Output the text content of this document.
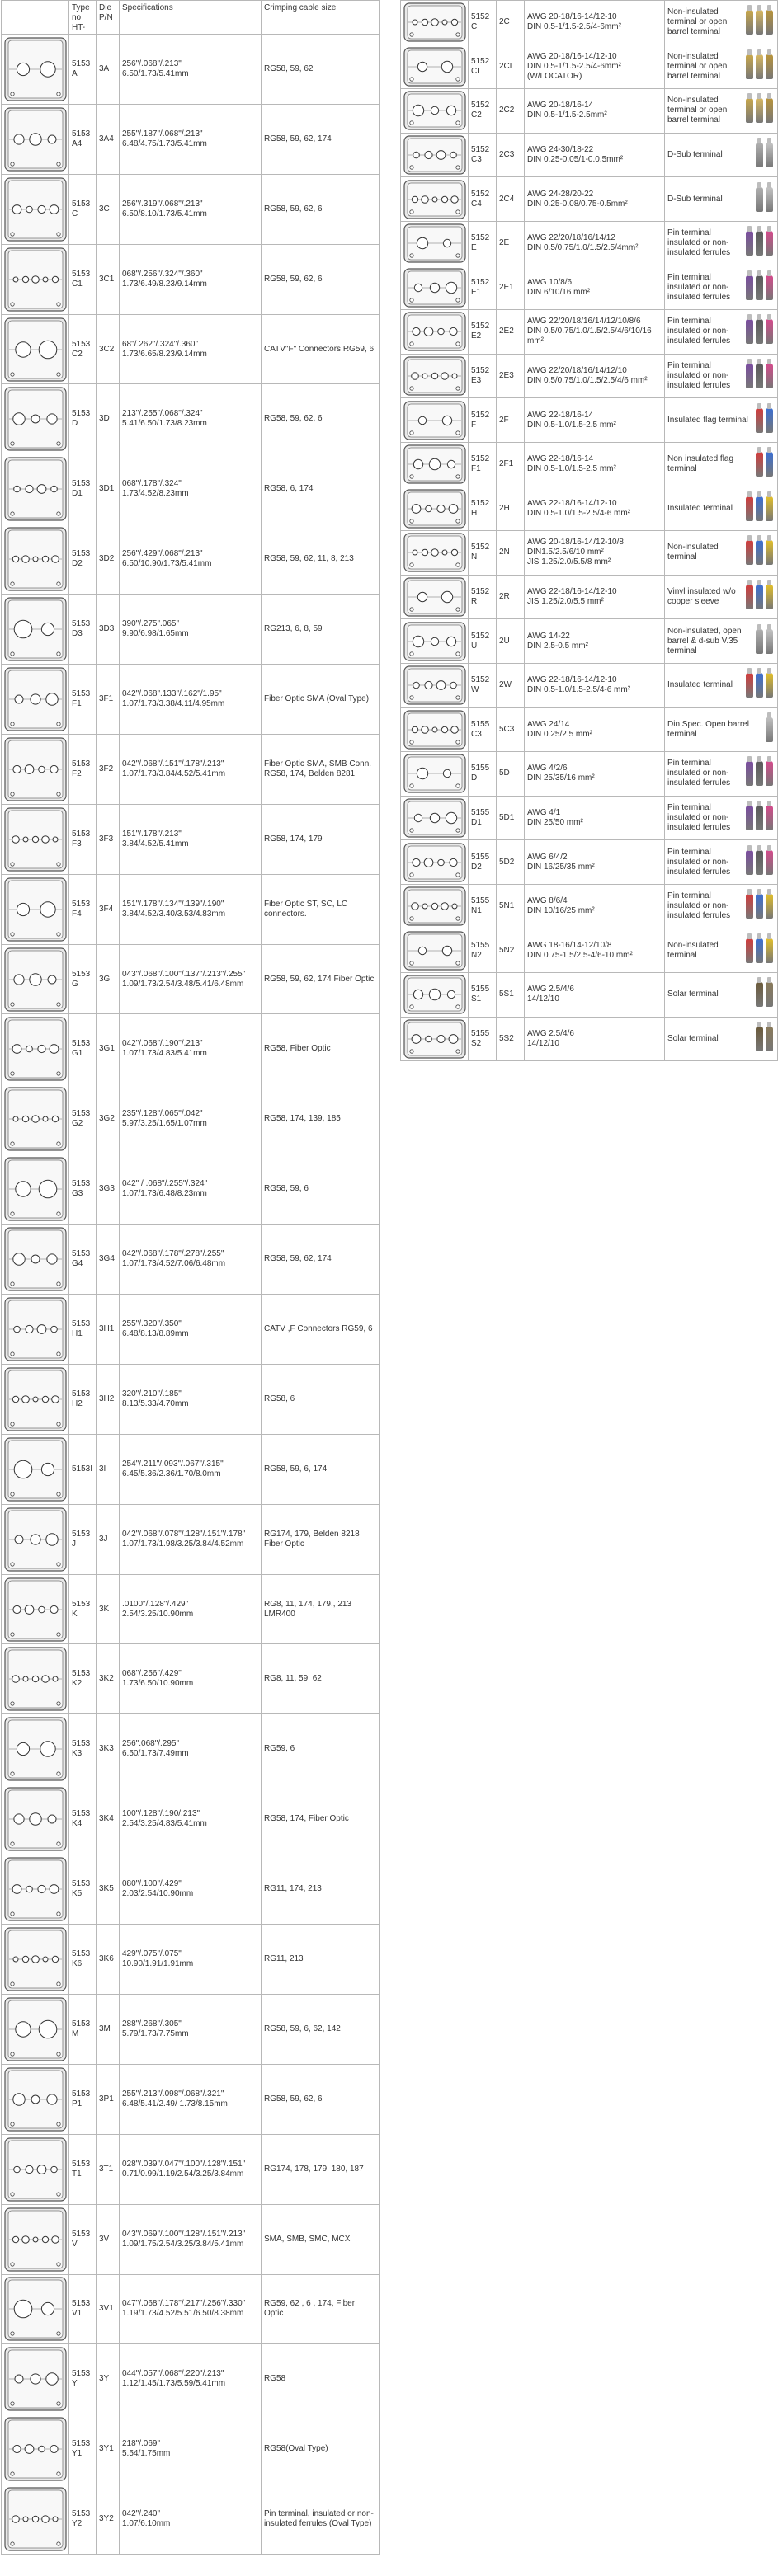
	Type no HT-	Die P/N	Specifications	Crimping cable size

	5153A	3A	256"/.068"/.213"
6.50/1.73/5.41mm	RG58, 59, 62

	5153A4	3A4	255"/.187"/.068"/.213"
6.48/4.75/1.73/5.41mm	RG58, 59, 62, 174

	5153C	3C	256"/.319"/.068"/.213"
6.50/8.10/1.73/5.41mm	RG58, 59, 62, 6

	5153C1	3C1	068"/.256"/.324"/.360"
1.73/6.49/8.23/9.14mm	RG58, 59, 62, 6

	5153C2	3C2	68"/.262"/.324"/.360"
1.73/6.65/8.23/9.14mm	CATV"F" Connectors RG59, 6

	5153D	3D	213"/.255"/.068"/.324"
5.41/6.50/1.73/8.23mm	RG58, 59, 62, 6

	5153D1	3D1	068"/.178"/.324"
1.73/4.52/8.23mm	RG58, 6, 174

	5153D2	3D2	256"/.429"/.068"/.213"
6.50/10.90/1.73/5.41mm	RG58, 59, 62, 11, 8, 213

	5153D3	3D3	390"/.275".065"
9.90/6.98/1.65mm	RG213, 6, 8, 59

	5153F1	3F1	042"/.068".133"/.162"/1.95"
1.07/1.73/3.38/4.11/4.95mm	Fiber Optic SMA (Oval Type)

	5153F2	3F2	042"/.068"/.151"/.178"/.213"
1.07/1.73/3.84/4.52/5.41mm	Fiber Optic SMA, SMB Conn. RG58, 174, Belden 8281

	5153F3	3F3	151"/.178"/.213"
3.84/4.52/5.41mm	RG58, 174, 179

	5153F4	3F4	151"/.178"/.134"/.139"/.190"
3.84/4.52/3.40/3.53/4.83mm	Fiber Optic ST, SC, LC connectors.

	5153G	3G	043"/.068"/.100"/.137"/.213"/.255"
1.09/1.73/2.54/3.48/5.41/6.48mm	RG58, 59, 62, 174 Fiber Optic

	5153G1	3G1	042"/.068"/.190"/.213"
1.07/1.73/4.83/5.41mm	RG58, Fiber Optic

	5153G2	3G2	235"/.128"/.065"/.042"
5.97/3.25/1.65/1.07mm	RG58, 174, 139, 185

	5153G3	3G3	042" / .068"/.255"/.324"
1.07/1.73/6.48/8.23mm	RG58, 59, 6

	5153G4	3G4	042"/.068"/.178"/.278"/.255"
1.07/1.73/4.52/7.06/6.48mm	RG58, 59, 62, 174

	5153H1	3H1	255"/.320"/.350"
6.48/8.13/8.89mm	CATV ,F Connectors RG59, 6

	5153H2	3H2	320"/.210"/.185"
8.13/5.33/4.70mm	RG58, 6

	5153I	3I	254"/.211"/.093"/.067"/.315"
6.45/5.36/2.36/1.70/8.0mm	RG58, 59, 6, 174

	5153J	3J	042"/.068"/.078"/.128"/.151"/.178"
1.07/1.73/1.98/3.25/3.84/4.52mm	RG174, 179, Belden 8218 Fiber Optic

	5153K	3K	.0100"/.128"/.429"
2.54/3.25/10.90mm	RG8, 11, 174, 179,, 213 LMR400

	5153K2	3K2	068"/.256"/.429"
1.73/6.50/10.90mm	RG8, 11, 59, 62

	5153K3	3K3	256".068"/.295"
6.50/1.73/7.49mm	RG59, 6

	5153K4	3K4	100"/.128"/.190/.213"
2.54/3.25/4.83/5.41mm	RG58, 174, Fiber Optic

	5153K5	3K5	080"/.100"/.429"
2.03/2.54/10.90mm	RG11, 174, 213

	5153K6	3K6	429"/.075"/.075"
10.90/1.91/1.91mm	RG11, 213

	5153M	3M	288"/.268"/.305"
5.79/1.73/7.75mm	RG58, 59, 6, 62, 142

	5153P1	3P1	255"/.213"/.098"/.068"/.321"
6.48/5.41/2.49/ 1.73/8.15mm	RG58, 59, 62, 6

	5153T1	3T1	028"/.039"/.047"/.100"/.128"/.151"
0.71/0.99/1.19/2.54/3.25/3.84mm	RG174, 178, 179, 180, 187

	5153V	3V	043"/.069"/.100"/.128"/.151"/.213"
1.09/1.75/2.54/3.25/3.84/5.41mm	SMA, SMB, SMC, MCX

	5153V1	3V1	047"/.068"/.178"/.217"/.256"/.330"
1.19/1.73/4.52/5.51/6.50/8.38mm	RG59, 62 , 6 , 174, Fiber Optic

	5153Y	3Y	044"/.057"/.068"/.220"/.213"
1.12/1.45/1.73/5.59/5.41mm	RG58

	5153Y1	3Y1	218"/.069"
5.54/1.75mm	RG58(Oval Type)

	5153Y2	3Y2	042"/.240"
1.07/6.10mm	Pin terminal, insulated or non-insulated ferrules (Oval Type)
	5152C	2C	AWG 20-18/16-14/12-10
DIN 0.5-1/1.5-2.5/4-6mm²	Non-insulated terminal or open barrel terminal

	5152CL	2CL	AWG 20-18/16-14/12-10
DIN 0.5-1/1.5-2.5/4-6mm²
(W/LOCATOR)	Non-insulated terminal or open barrel terminal

	5152C2	2C2	AWG 20-18/16-14
DIN 0.5-1/1.5-2.5mm²	Non-insulated terminal or open barrel terminal

	5152C3	2C3	AWG 24-30/18-22
DIN 0.25-0.05/1-0.0.5mm²	D-Sub terminal

	5152C4	2C4	AWG 24-28/20-22
DIN 0.25-0.08/0.75-0.5mm²	D-Sub terminal

	5152E	2E	AWG 22/20/18/16/14/12
DIN 0.5/0.75/1.0/1.5/2.5/4mm²	Pin terminal insulated or non-insulated ferrules

	5152E1	2E1	AWG 10/8/6
DIN 6/10/16 mm²	Pin terminal insulated or non-insulated ferrules

	5152E2	2E2	AWG 22/20/18/16/14/12/10/8/6
DIN 0.5/0.75/1.0/1.5/2.5/4/6/10/16 mm²	Pin terminal insulated or non-insulated ferrules

	5152E3	2E3	AWG 22/20/18/16/14/12/10
DIN 0.5/0.75/1.0/1.5/2.5/4/6 mm²	Pin terminal insulated or non-insulated ferrules

	5152F	2F	AWG 22-18/16-14
DIN 0.5-1.0/1.5-2.5 mm²	Insulated flag terminal

	5152F1	2F1	AWG 22-18/16-14
DIN 0.5-1.0/1.5-2.5 mm²	Non insulated flag terminal

	5152H	2H	AWG 22-18/16-14/12-10
DIN 0.5-1.0/1.5-2.5/4-6 mm²	Insulated terminal

	5152N	2N	AWG 20-18/16-14/12-10/8
DIN1.5/2.5/6/10 mm²
JIS 1.25/2.0/5.5/8 mm²	Non-insulated terminal

	5152R	2R	AWG 22-18/16-14/12-10
JIS 1.25/2.0/5.5 mm²	Vinyl insulated w/o copper sleeve

	5152U	2U	AWG 14-22
DIN 2.5-0.5 mm²	Non-insulated, open barrel & d-sub V.35 terminal

	5152W	2W	AWG 22-18/16-14/12-10
DIN 0.5-1.0/1.5-2.5/4-6 mm²	Insulated terminal

	5155C3	5C3	AWG 24/14
DIN 0.25/2.5 mm²	Din Spec. Open barrel terminal

	5155D	5D	AWG 4/2/6
DIN 25/35/16 mm²	Pin terminal insulated or non-insulated ferrules

	5155D1	5D1	AWG 4/1
DIN 25/50 mm²	Pin terminal insulated or non-insulated ferrules

	5155D2	5D2	AWG 6/4/2
DIN 16/25/35 mm²	Pin terminal insulated or non-insulated ferrules

	5155N1	5N1	AWG 8/6/4
DIN 10/16/25 mm²	Pin terminal insulated or non-insulated ferrules

	5155N2	5N2	AWG 18-16/14-12/10/8
DIN 0.75-1.5/2.5-4/6-10 mm²	Non-insulated terminal

	5155S1	5S1	AWG 2.5/4/6
14/12/10	Solar terminal

	5155S2	5S2	AWG 2.5/4/6
14/12/10	Solar terminal
